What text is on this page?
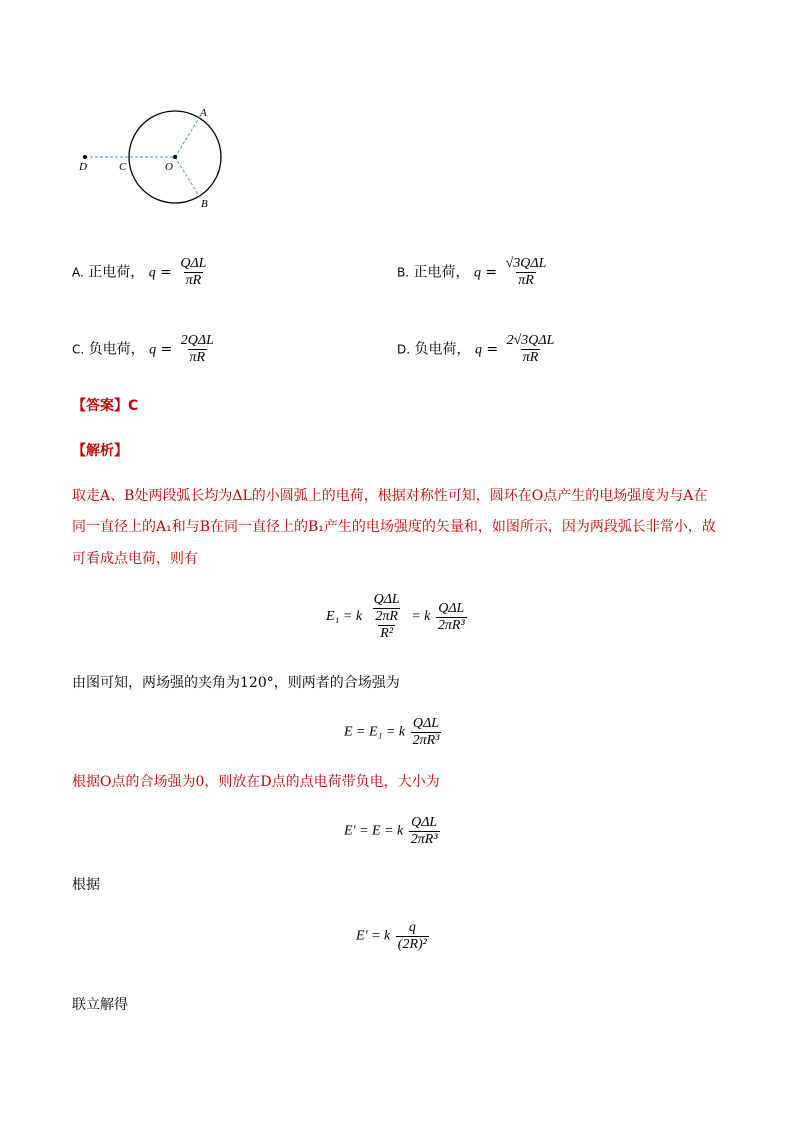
A
B
C
D	O
A. 正电荷， $q = \frac{\text{QΔL}}{\pi R}$	B. 正电荷， $q = \frac{\text{√3QΔL}}{\pi R}$
C. 负电荷， $q = \frac{\text{2QΔL}}{\pi R}$	D. 负电荷， $q = \frac{\text{2√3QΔL}}{\pi R}$
【答案】C
【解析】
取走A、B处两段弧长均为ΔL的小圆弧上的电荷，根据对称性可知，圆环在O点产生的电场强度为与A在
同一直径上的A₁和与B在同一直径上的B₁产生的电场强度的矢量和，如图所示，因为两段弧长非常小，故
可看成点电荷，则有
E₁ = k $\frac{\frac{\text{QΔL}}{2\pi R}}{\text{R²}} = k \frac{\text{QΔL}}{\text{2πR³}}$
由图可知，两场强的夹角为120°，则两者的合场强为
E = E₁ = k $\frac{\text{QΔL}}{\text{2πR³}}$
根据O点的合场强为0，则放在D点的点电荷带负电，大小为
E′ = E = k $\frac{\text{QΔL}}{\text{2πR³}}$
根据
E′ = k $\frac{q}{\text{(2R)²}}$
联立解得
